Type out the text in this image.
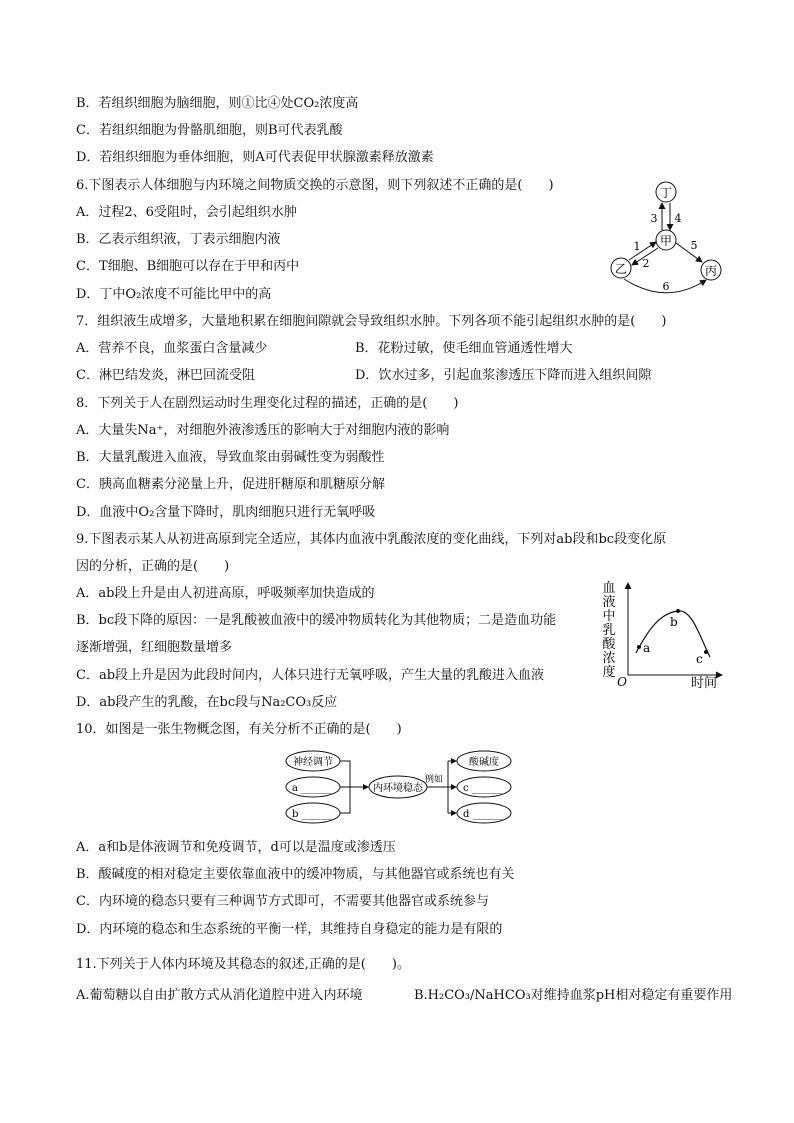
B．若组织细胞为脑细胞，则①比④处CO₂浓度高
C．若组织细胞为骨骼肌细胞，则B可代表乳酸
D．若组织细胞为垂体细胞，则A可代表促甲状腺激素释放激素
6.下图表示人体细胞与内环境之间物质交换的示意图，则下列叙述不正确的是(　　)
A．过程2、6受阻时，会引起组织水肿
B．乙表示组织液，丁表示细胞内液
C．T细胞、B细胞可以存在于甲和丙中
D．丁中O₂浓度不可能比甲中的高
丁
甲
乙	丙
3 4
1
2
5
6
7．组织液生成增多，大量地积累在细胞间隙就会导致组织水肿。下列各项不能引起组织水肿的是(　　)
A．营养不良，血浆蛋白含量减少	B．花粉过敏，使毛细血管通透性增大
C．淋巴结发炎，淋巴回流受阻	D．饮水过多，引起血浆渗透压下降而进入组织间隙
8．下列关于人在剧烈运动时生理变化过程的描述，正确的是(　　)
A．大量失Na⁺，对细胞外液渗透压的影响大于对细胞内液的影响
B．大量乳酸进入血液，导致血浆由弱碱性变为弱酸性
C．胰高血糖素分泌量上升，促进肝糖原和肌糖原分解
D．血液中O₂含量下降时，肌肉细胞只进行无氧呼吸
9.下图表示某人从初进高原到完全适应，其体内血液中乳酸浓度的变化曲线，下列对ab段和bc段变化原
因的分析，正确的是(　　)
A．ab段上升是由人初进高原，呼吸频率加快造成的
B．bc段下降的原因：一是乳酸被血液中的缓冲物质转化为其他物质；二是造血功能
逐渐增强，红细胞数量增多
C．ab段上升是因为此段时间内，人体只进行无氧呼吸，产生大量的乳酸进入血液
D．ab段产生的乳酸，在bc段与Na₂CO₃反应
血
液
中
乳
酸
浓
度
O	时间
a
b
c
10．如图是一张生物概念图，有关分析不正确的是(　　)
神经调节
a ______
b ______
内环境稳态
例如
酸碱度
c ______
d ______
A．a和b是体液调节和免疫调节，d可以是温度或渗透压
B．酸碱度的相对稳定主要依靠血液中的缓冲物质，与其他器官或系统也有关
C．内环境的稳态只要有三种调节方式即可，不需要其他器官或系统参与
D．内环境的稳态和生态系统的平衡一样，其维持自身稳定的能力是有限的
11.下列关于人体内环境及其稳态的叙述,正确的是(　　)。
A.葡萄糖以自由扩散方式从消化道腔中进入内环境	B.H₂CO₃/NaHCO₃对维持血浆pH相对稳定有重要作用
